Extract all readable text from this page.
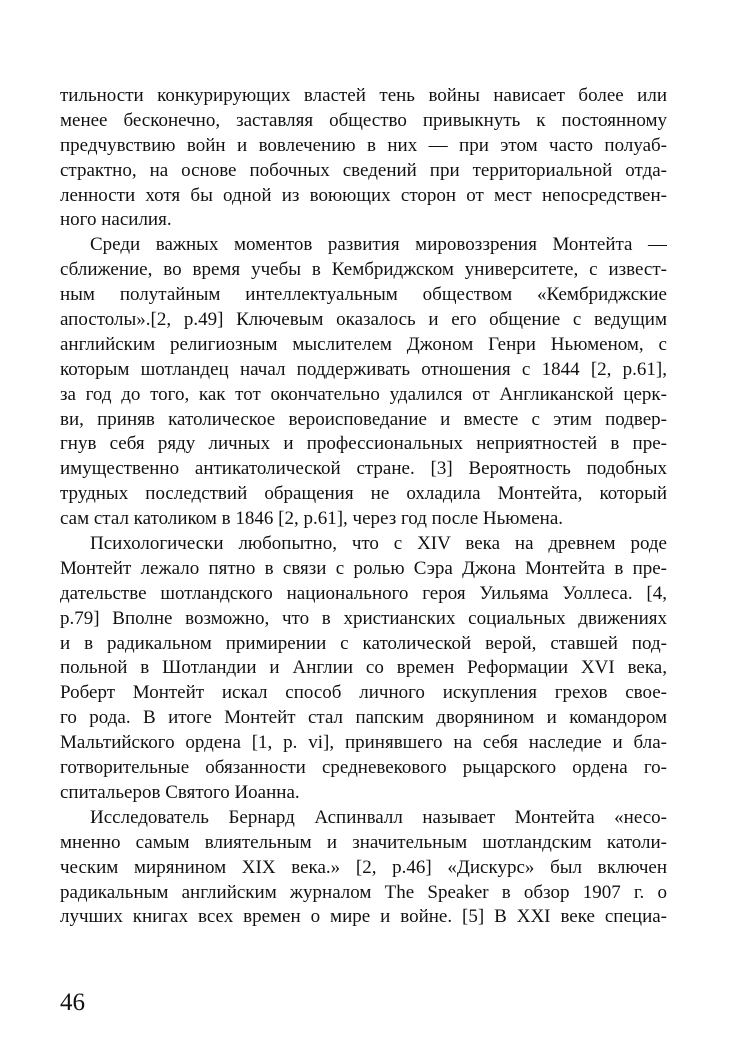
тильности конкурирующих властей тень войны нависает более или
менее бесконечно, заставляя общество привыкнуть к постоянному
предчувствию войн и вовлечению в них — при этом часто полуаб-
страктно, на основе побочных сведений при территориальной отда-
ленности хотя бы одной из воюющих сторон от мест непосредствен-
ного насилия.
Среди важных моментов развития мировоззрения Монтейта —
сближение, во время учебы в Кембриджском университете, с извест-
ным полутайным интеллектуальным обществом «Кембриджские
апостолы».[2, p.49] Ключевым оказалось и его общение с ведущим
английским религиозным мыслителем Джоном Генри Ньюменом, с
которым шотландец начал поддерживать отношения с 1844 [2, p.61],
за год до того, как тот окончательно удалился от Англиканской церк-
ви, приняв католическое вероисповедание и вместе с этим подвер-
гнув себя ряду личных и профессиональных неприятностей в пре-
имущественно антикатолической стране. [3] Вероятность подобных
трудных последствий обращения не охладила Монтейта, который
сам стал католиком в 1846 [2, p.61], через год после Ньюмена.
Психологически любопытно, что с XIV века на древнем роде
Монтейт лежало пятно в связи с ролью Сэра Джона Монтейта в пре-
дательстве шотландского национального героя Уильяма Уоллеса. [4,
p.79] Вполне возможно, что в христианских социальных движениях
и в радикальном примирении с католической верой, ставшей под-
польной в Шотландии и Англии со времен Реформации XVI века,
Роберт Монтейт искал способ личного искупления грехов свое-
го рода. В итоге Монтейт стал папским дворянином и командором
Мальтийского ордена [1, p. vi], принявшего на себя наследие и бла-
готворительные обязанности средневекового рыцарского ордена го-
спитальеров Святого Иоанна.
Исследователь Бернард Аспинвалл называет Монтейта «несо-
мненно самым влиятельным и значительным шотландским католи-
ческим мирянином XIX века.» [2, p.46] «Дискурс» был включен
радикальным английским журналом The Speaker в обзор 1907 г. о
лучших книгах всех времен о мире и войне. [5] В XXI веке специа-
46
